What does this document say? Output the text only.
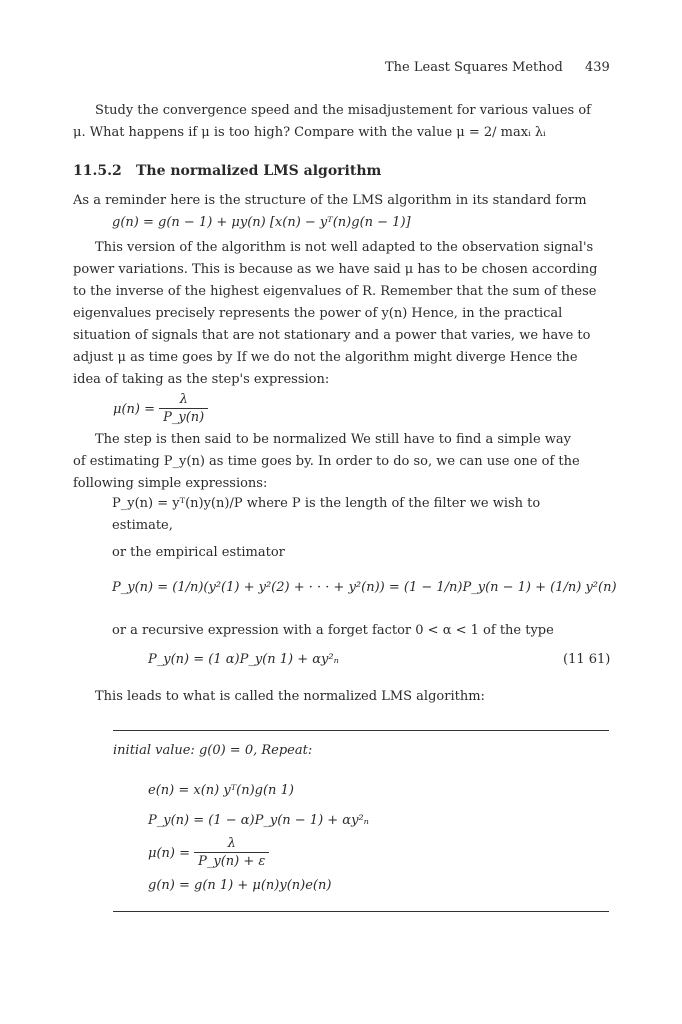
The Least Squares Method 439
Study the convergence speed and the misadjustement for various values of
μ. What happens if μ is too high? Compare with the value μ = 2/ maxᵢ λᵢ
11.5.2 The normalized LMS algorithm
As a reminder here is the structure of the LMS algorithm in its standard form
g(n) = g(n − 1) + μy(n) [x(n) − yᵀ(n)g(n − 1)]
This version of the algorithm is not well adapted to the observation signal's
power variations. This is because as we have said μ has to be chosen according
to the inverse of the highest eigenvalues of R. Remember that the sum of these
eigenvalues precisely represents the power of y(n) Hence, in the practical
situation of signals that are not stationary and a power that varies, we have to
adjust μ as time goes by If we do not the algorithm might diverge Hence the
idea of taking as the step's expression:
$\mu(n) = \frac{\lambda}{P\_y(n)}$
The step is then said to be normalized We still have to find a simple way
of estimating P_y(n) as time goes by. In order to do so, we can use one of the
following simple expressions:
P_y(n) = yᵀ(n)y(n)/P where P is the length of the filter we wish to
estimate,
or the empirical estimator
P_y(n) = (1/n)(y²(1) + y²(2) + · · · + y²(n)) = (1 − 1/n)P_y(n − 1) + (1/n) y²(n)
or a recursive expression with a forget factor 0 < α < 1 of the type
P_y(n) = (1 α)P_y(n 1) + αy²ₙ	(11 61)
This leads to what is called the normalized LMS algorithm:
initial value: g(0) = 0, Repeat:
e(n) = x(n) yᵀ(n)g(n 1)
P_y(n) = (1 − α)P_y(n − 1) + αy²ₙ
$\mu(n) = \frac{\lambda}{P\_y(n) + \varepsilon}$
g(n) = g(n 1) + μ(n)y(n)e(n)
